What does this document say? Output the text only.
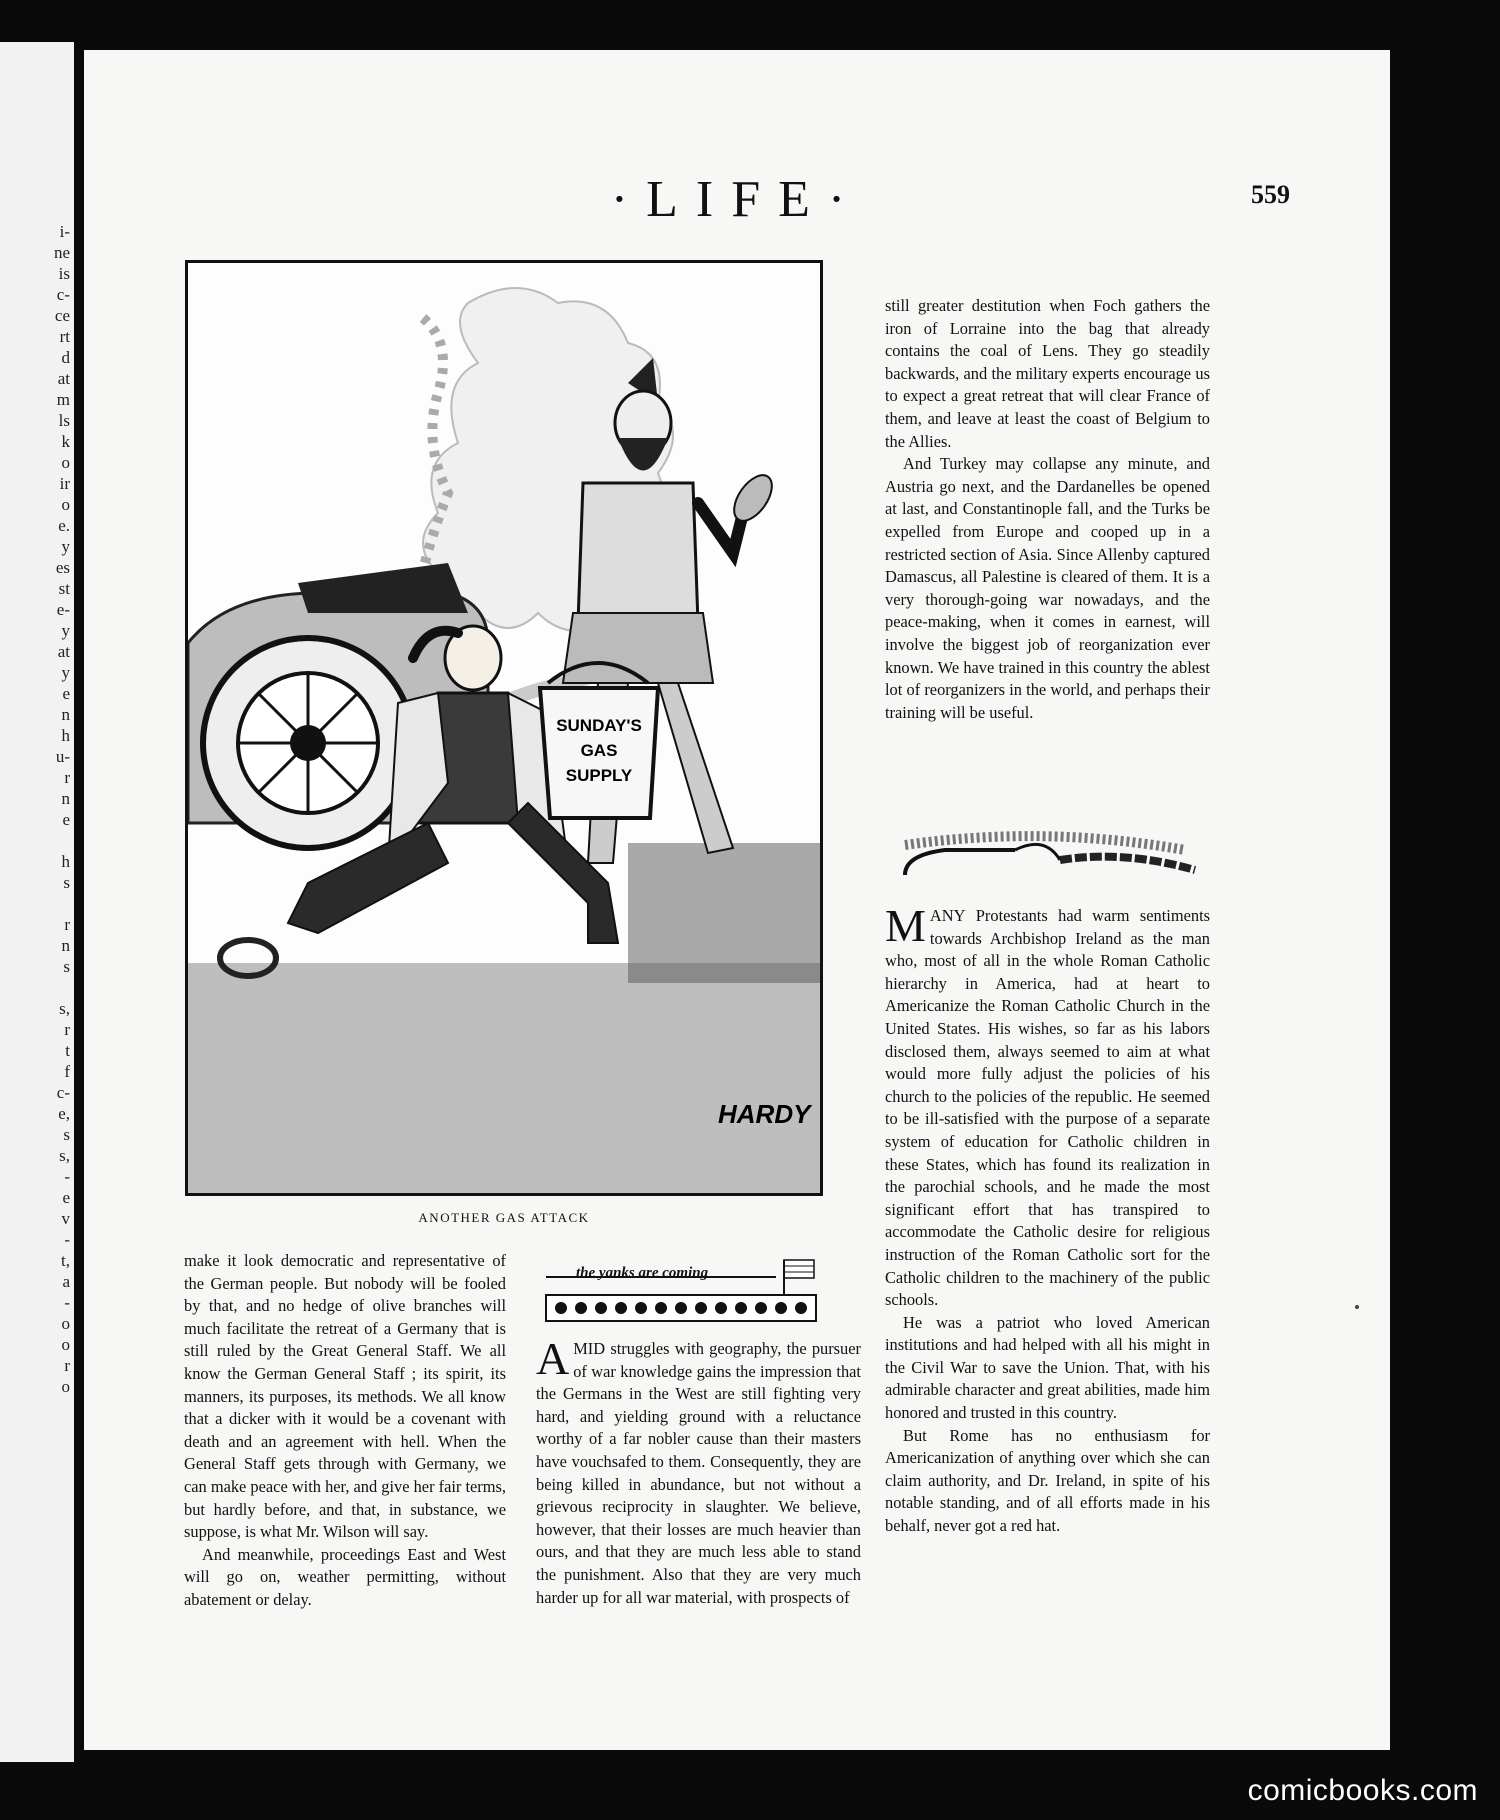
i-
ne
is
c-
ce
rt
d
at
m
ls
k
o
ir
o
e.
y
es
st
e-
y
at
y
e
n
h
u-
r
n
e
h
s
r
n
s
s,
r
t
f
c-
e,
s
s,
-
e
v
-
t,
a
-
o
o
r
o
·LIFE·	559
SUNDAY'S
GAS
SUPPLY
HARDY
ANOTHER GAS ATTACK

make it look democratic and representative of the German people. But nobody will be fooled by that, and no hedge of olive branches will much facilitate the retreat of a Germany that is still ruled by the Great General Staff. We all know the German General Staff ; its spirit, its manners, its purposes, its methods. We all know that a dicker with it would be a covenant with death and an agreement with hell. When the General Staff gets through with Germany, we can make peace with her, and give her fair terms, but hardly before, and that, in substance, we suppose, is what Mr. Wilson will say.

And meanwhile, proceedings East and West will go on, weather permitting, without abatement or delay.

the yanks are coming

AMID struggles with geography, the pursuer of war knowledge gains the impression that the Germans in the West are still fighting very hard, and yielding ground with a reluctance worthy of a far nobler cause than their masters have vouchsafed to them. Consequently, they are being killed in abundance, but not without a grievous reciprocity in slaughter. We believe, however, that their losses are much heavier than ours, and that they are much less able to stand the punishment. Also that they are very much harder up for all war material, with prospects of

still greater destitution when Foch gathers the iron of Lorraine into the bag that already contains the coal of Lens. They go steadily backwards, and the military experts encourage us to expect a great retreat that will clear France of them, and leave at least the coast of Belgium to the Allies.

And Turkey may collapse any minute, and Austria go next, and the Dardanelles be opened at last, and Constantinople fall, and the Turks be expelled from Europe and cooped up in a restricted section of Asia. Since Allenby captured Damascus, all Palestine is cleared of them. It is a very thorough-going war nowadays, and the peace-making, when it comes in earnest, will involve the biggest job of reorganization ever known. We have trained in this country the ablest lot of reorganizers in the world, and perhaps their training will be useful.

MANY Protestants had warm sentiments towards Archbishop Ireland as the man who, most of all in the whole Roman Catholic hierarchy in America, had at heart to Americanize the Roman Catholic Church in the United States. His wishes, so far as his labors disclosed them, always seemed to aim at what would more fully adjust the policies of his church to the policies of the republic. He seemed to be ill-satisfied with the purpose of a separate system of education for Catholic children in these States, which has found its realization in the parochial schools, and he made the most significant effort that has transpired to accommodate the Catholic desire for religious instruction of the Roman Catholic sort for the Catholic children to the machinery of the public schools.

He was a patriot who loved American institutions and had helped with all his might in the Civil War to save the Union. That, with his admirable character and great abilities, made him honored and trusted in this country.

But Rome has no enthusiasm for Americanization of anything over which she can claim authority, and Dr. Ireland, in spite of his notable standing, and of all efforts made in his behalf, never got a red hat.

comicbooks.com
